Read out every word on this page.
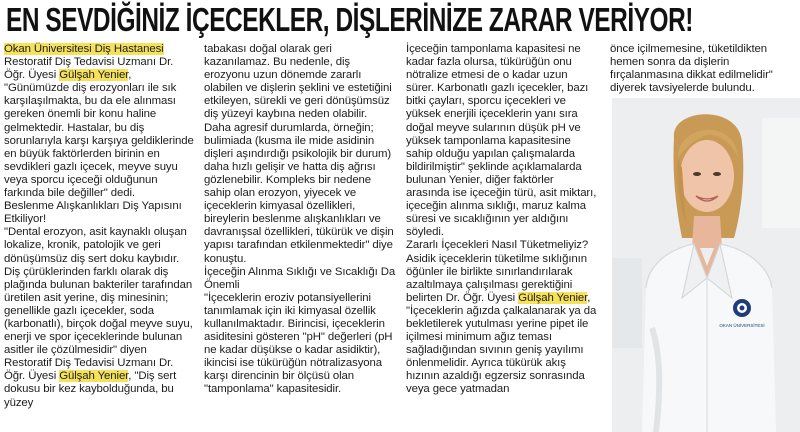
EN SEVDİĞİNİZ İÇECEKLER, DİŞLERİNİZE ZARAR VERİYOR!

Okan Üniversitesi Diş Hastanesi Restoratif Diş Tedavisi Uzmanı Dr. Öğr. Üyesi Gülşah Yenier, "Günümüzde diş erozyonları ile sık karşılaşılmakta, bu da ele alınması gereken önemli bir konu haline gelmektedir. Hastalar, bu diş sorunlarıyla karşı karşıya geldiklerinde en büyük faktörlerden birinin en sevdikleri gazlı içecek, meyve suyu veya sporcu içeceği olduğunun farkında bile değiller" dedi.

Beslenme Alışkanlıkları Diş Yapısını Etkiliyor!

"Dental erozyon, asit kaynaklı oluşan lokalize, kronik, patolojik ve geri dönüşümsüz diş sert doku kaybıdır. Diş çürüklerinden farklı olarak diş plağında bulunan bakteriler tarafından üretilen asit yerine, diş minesinin; genellikle gazlı içecekler, soda (karbonatlı), birçok doğal meyve suyu, enerji ve spor içeceklerinde bulunan asitler ile çözülmesidir" diyen Restoratif Diş Tedavisi Uzmanı Dr. Öğr. Üyesi Gülşah Yenier, "Diş sert dokusu bir kez kaybolduğunda, bu yüzey

tabakası doğal olarak geri kazanılamaz. Bu nedenle, diş erozyonu uzun dönemde zararlı olabilen ve dişlerin şeklini ve estetiğini etkileyen, sürekli ve geri dönüşümsüz diş yüzeyi kaybına neden olabilir. Daha agresif durumlarda, örneğin; bulimiada (kusma ile mide asidinin dişleri aşındırdığı psikolojik bir durum) daha hızlı gelişir ve hatta diş ağrısı gözlenebilir. Kompleks bir nedene sahip olan erozyon, yiyecek ve içeceklerin kimyasal özellikleri, bireylerin beslenme alışkanlıkları ve davranışsal özellikleri, tükürük ve dişin yapısı tarafından etkilenmektedir" diye konuştu.

İçeceğin Alınma Sıklığı ve Sıcaklığı Da Önemli

"İçeceklerin eroziv potansiyellerini tanımlamak için iki kimyasal özellik kullanılmaktadır. Birincisi, içeceklerin asiditesini gösteren "pH" değerleri (pH ne kadar düşükse o kadar asidiktir), ikincisi ise tükürüğün nötralizasyona karşı direncinin bir ölçüsü olan "tamponlama" kapasitesidir.

İçeceğin tamponlama kapasitesi ne kadar fazla olursa, tükürüğün onu nötralize etmesi de o kadar uzun sürer. Karbonatlı gazlı içecekler, bazı bitki çayları, sporcu içecekleri ve yüksek enerjili içeceklerin yanı sıra doğal meyve sularının düşük pH ve yüksek tamponlama kapasitesine sahip olduğu yapılan çalışmalarda bildirilmiştir" şeklinde açıklamalarda bulunan Yenier, diğer faktörler arasında ise içeceğin türü, asit miktarı, içeceğin alınma sıklığı, maruz kalma süresi ve sıcaklığının yer aldığını söyledi.

Zararlı İçecekleri Nasıl Tüketmeliyiz?

Asidik içeceklerin tüketilme sıklığının öğünler ile birlikte sınırlandırılarak azaltılmaya çalışılması gerektiğini belirten Dr. Öğr. Üyesi Gülşah Yenier, "İçeceklerin ağızda çalkalanarak ya da bekletilerek yutulması yerine pipet ile içilmesi minimum ağız teması sağladığından sıvının geniş yayılımı önlenmelidir. Ayrıca tükürük akış hızının azaldığı egzersiz sonrasında veya gece yatmadan

önce içilmemesine, tüketildikten hemen sonra da dişlerin fırçalanmasına dikkat edilmelidir" diyerek tavsiyelerde bulundu.

OKAN ÜNİVERSİTESİ
